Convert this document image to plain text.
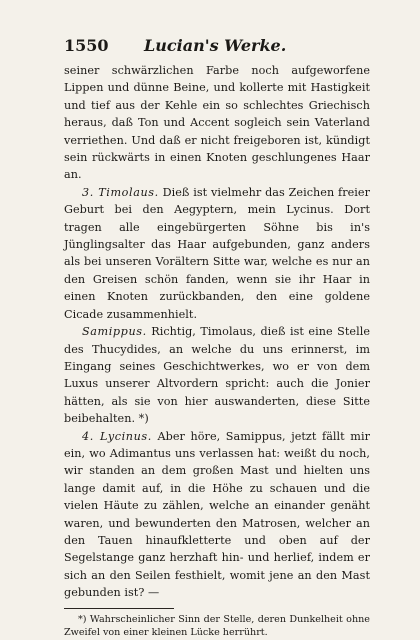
1550 Lucian's Werke.

seiner schwärzlichen Farbe noch aufgeworfene Lippen und dünne Beine, und kollerte mit Hastigkeit und tief aus der Kehle ein so schlechtes Griechisch heraus, daß Ton und Accent sogleich sein Vaterland verriethen. Und daß er nicht freigeboren ist, kündigt sein rückwärts in einen Knoten geschlungenes Haar an.

3. Timolaus. Dieß ist vielmehr das Zeichen freier Geburt bei den Aegyptern, mein Lycinus. Dort tragen alle eingebürgerten Söhne bis in's Jünglingsalter das Haar aufgebunden, ganz anders als bei unseren Vorältern Sitte war, welche es nur an den Greisen schön fanden, wenn sie ihr Haar in einen Knoten zurückbanden, den eine goldene Cicade zusammenhielt.

Samippus. Richtig, Timolaus, dieß ist eine Stelle des Thucydides, an welche du uns erinnerst, im Eingang seines Geschichtwerkes, wo er von dem Luxus unserer Altvordern spricht: auch die Jonier hätten, als sie von hier auswanderten, diese Sitte beibehalten. *)

4. Lycinus. Aber höre, Samippus, jetzt fällt mir ein, wo Adimantus uns verlassen hat: weißt du noch, wir standen an dem großen Mast und hielten uns lange damit auf, in die Höhe zu schauen und die vielen Häute zu zählen, welche an einander genäht waren, und bewunderten den Matrosen, welcher an den Tauen hinaufkletterte und oben auf der Segelstange ganz herzhaft hin- und herlief, indem er sich an den Seilen festhielt, womit jene an den Mast gebunden ist? —

*) Wahrscheinlicher Sinn der Stelle, deren Dunkelheit ohne Zweifel von einer kleinen Lücke herrührt.
